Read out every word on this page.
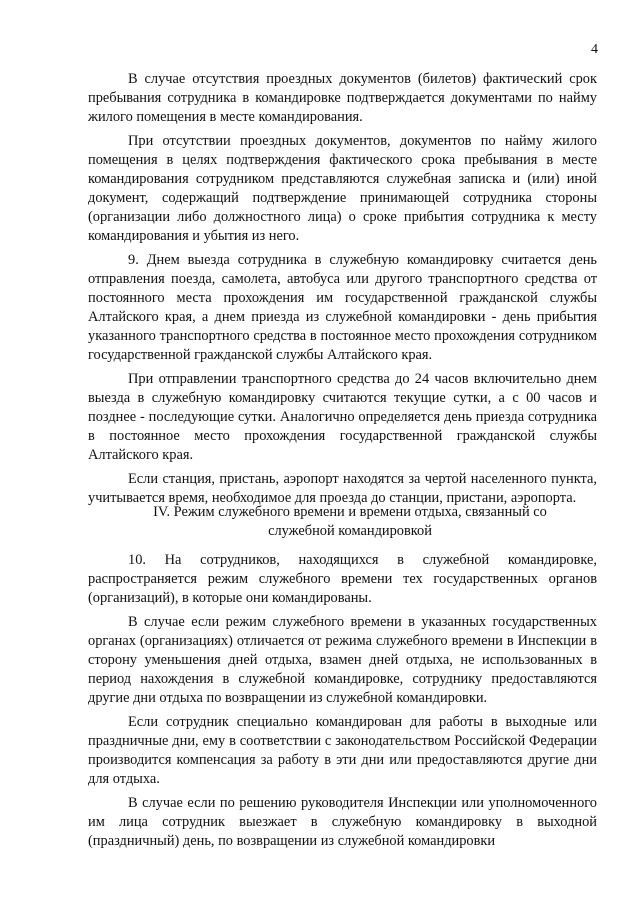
4

В случае отсутствия проездных документов (билетов) фактический срок пребывания сотрудника в командировке подтверждается документами по найму жилого помещения в месте командирования.

При отсутствии проездных документов, документов по найму жилого помещения в целях подтверждения фактического срока пребывания в месте командирования сотрудником представляются служебная записка и (или) иной документ, содержащий подтверждение принимающей сотрудника стороны (организации либо должностного лица) о сроке прибытия сотрудника к месту командирования и убытия из него.

9. Днем выезда сотрудника в служебную командировку считается день отправления поезда, самолета, автобуса или другого транспортного средства от постоянного места прохождения им государственной гражданской службы Алтайского края, а днем приезда из служебной командировки - день прибытия указанного транспортного средства в постоянное место прохождения сотрудником государственной гражданской службы Алтайского края.

При отправлении транспортного средства до 24 часов включительно днем выезда в служебную командировку считаются текущие сутки, а с 00 часов и позднее - последующие сутки. Аналогично определяется день приезда сотрудника в постоянное место прохождения государственной гражданской службы Алтайского края.

Если станция, пристань, аэропорт находятся за чертой населенного пункта, учитывается время, необходимое для проезда до станции, пристани, аэропорта.

IV. Режим служебного времени и времени отдыха, связанный со
служебной командировкой

10. На сотрудников, находящихся в служебной командировке, распространяется режим служебного времени тех государственных органов (организаций), в которые они командированы.

В случае если режим служебного времени в указанных государственных органах (организациях) отличается от режима служебного времени в Инспекции в сторону уменьшения дней отдыха, взамен дней отдыха, не использованных в период нахождения в служебной командировке, сотруднику предоставляются другие дни отдыха по возвращении из служебной командировки.

Если сотрудник специально командирован для работы в выходные или праздничные дни, ему в соответствии с законодательством Российской Федерации производится компенсация за работу в эти дни или предоставляются другие дни для отдыха.

В случае если по решению руководителя Инспекции или уполномоченного им лица сотрудник выезжает в служебную командировку в выходной (праздничный) день, по возвращении из служебной командировки
